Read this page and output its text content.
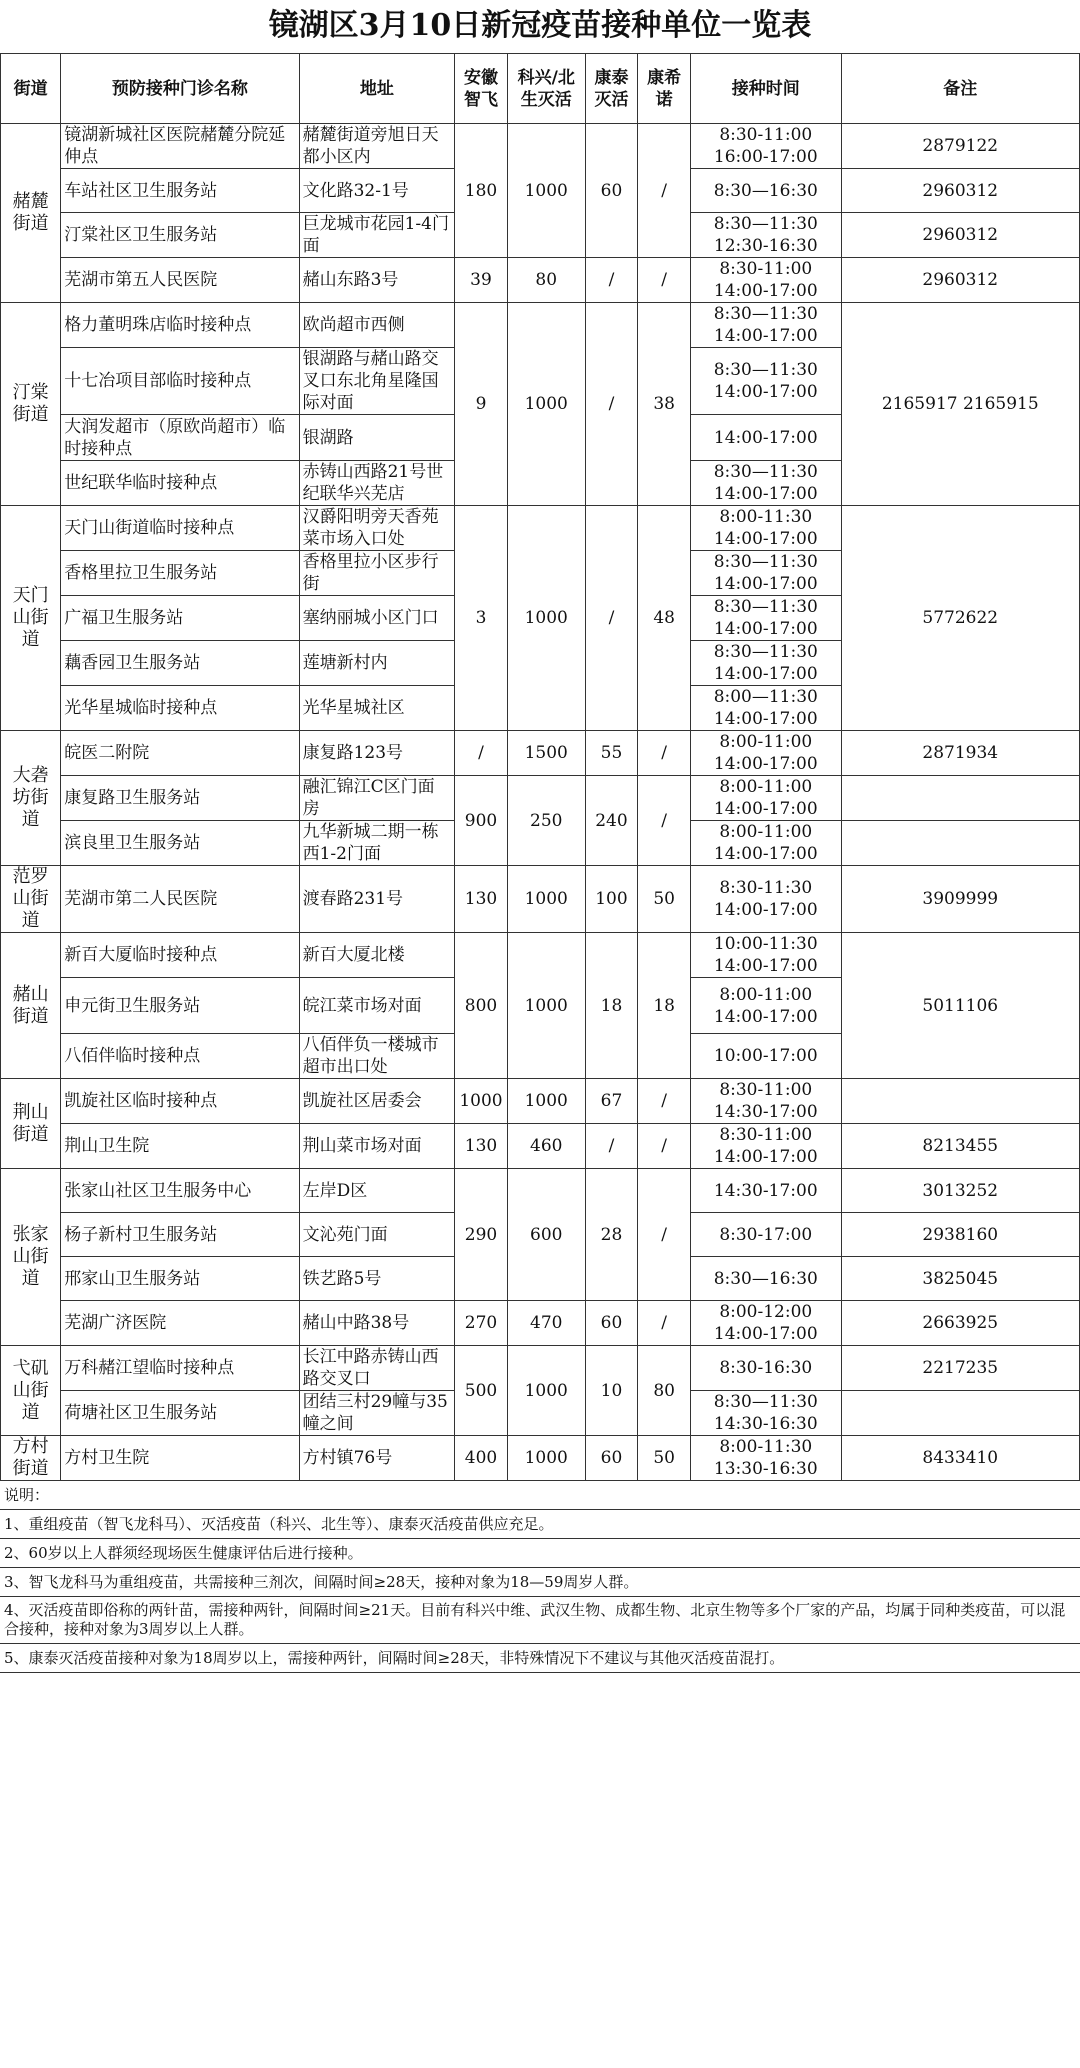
镜湖区3月10日新冠疫苗接种单位一览表
街道	预防接种门诊名称	地址	安徽智飞	科兴/北生灭活	康泰灭活	康希诺	接种时间	备注
赭麓街道	镜湖新城社区医院赭麓分院延伸点	赭麓街道旁旭日天都小区内	180	1000	60	/	8:30-11:00
16:00-17:00	2879122
	车站社区卫生服务站	文化路32-1号					8:30—16:30	2960312
	汀棠社区卫生服务站	巨龙城市花园1-4门面					8:30—11:30
12:30-16:30	2960312
	芜湖市第五人民医院	赭山东路3号	39	80	/	/	8:30-11:00
14:00-17:00	2960312
汀棠街道	格力董明珠店临时接种点	欧尚超市西侧	9	1000	/	38	8:30—11:30
14:00-17:00	2165917 2165915
	十七冶项目部临时接种点	银湖路与赭山路交叉口东北角星隆国际对面					8:30—11:30
14:00-17:00	
	大润发超市（原欧尚超市）临时接种点	银湖路					14:00-17:00	
	世纪联华临时接种点	赤铸山西路21号世纪联华兴芜店					8:30—11:30
14:00-17:00	
天门山街道	天门山街道临时接种点	汉爵阳明旁天香苑菜市场入口处	3	1000	/	48	8:00-11:30
14:00-17:00	5772622
	香格里拉卫生服务站	香格里拉小区步行街					8:30—11:30
14:00-17:00	
	广福卫生服务站	塞纳丽城小区门口					8:30—11:30
14:00-17:00	
	藕香园卫生服务站	莲塘新村内					8:30—11:30
14:00-17:00	
	光华星城临时接种点	光华星城社区					8:00—11:30
14:00-17:00	
大砻坊街道	皖医二附院	康复路123号	/	1500	55	/	8:00-11:00
14:00-17:00	2871934
	康复路卫生服务站	融汇锦江C区门面房	900	250	240	/	8:00-11:00
14:00-17:00	
	滨良里卫生服务站	九华新城二期一栋西1-2门面					8:00-11:00
14:00-17:00	
范罗山街道	芜湖市第二人民医院	渡春路231号	130	1000	100	50	8:30-11:30
14:00-17:00	3909999
赭山街道	新百大厦临时接种点	新百大厦北楼	800	1000	18	18	10:00-11:30
14:00-17:00	5011106
	申元街卫生服务站	皖江菜市场对面					8:00-11:00
14:00-17:00	
	八佰伴临时接种点	八佰伴负一楼城市超市出口处					10:00-17:00	
荆山街道	凯旋社区临时接种点	凯旋社区居委会	1000	1000	67	/	8:30-11:00
14:30-17:00	
	荆山卫生院	荆山菜市场对面	130	460	/	/	8:30-11:00
14:00-17:00	8213455
张家山街道	张家山社区卫生服务中心	左岸D区	290	600	28	/	14:30-17:00	3013252
	杨子新村卫生服务站	文沁苑门面					8:30-17:00	2938160
	邢家山卫生服务站	铁艺路5号					8:30—16:30	3825045
	芜湖广济医院	赭山中路38号	270	470	60	/	8:00-12:00
14:00-17:00	2663925
弋矶山街道	万科赭江望临时接种点	长江中路赤铸山西路交叉口	500	1000	10	80	8:30-16:30	2217235
	荷塘社区卫生服务站	团结三村29幢与35幢之间					8:30—11:30
14:30-16:30	
方村街道	方村卫生院	方村镇76号	400	1000	60	50	8:00-11:30
13:30-16:30	8433410
说明：
1、重组疫苗（智飞龙科马）、灭活疫苗（科兴、北生等）、康泰灭活疫苗供应充足。
2、60岁以上人群须经现场医生健康评估后进行接种。
3、智飞龙科马为重组疫苗，共需接种三剂次，间隔时间≥28天，接种对象为18—59周岁人群。
4、灭活疫苗即俗称的两针苗，需接种两针，间隔时间≥21天。目前有科兴中维、武汉生物、成都生物、北京生物等多个厂家的产品，均属于同种类疫苗，可以混合接种，接种对象为3周岁以上人群。
5、康泰灭活疫苗接种对象为18周岁以上，需接种两针，间隔时间≥28天，非特殊情况下不建议与其他灭活疫苗混打。
